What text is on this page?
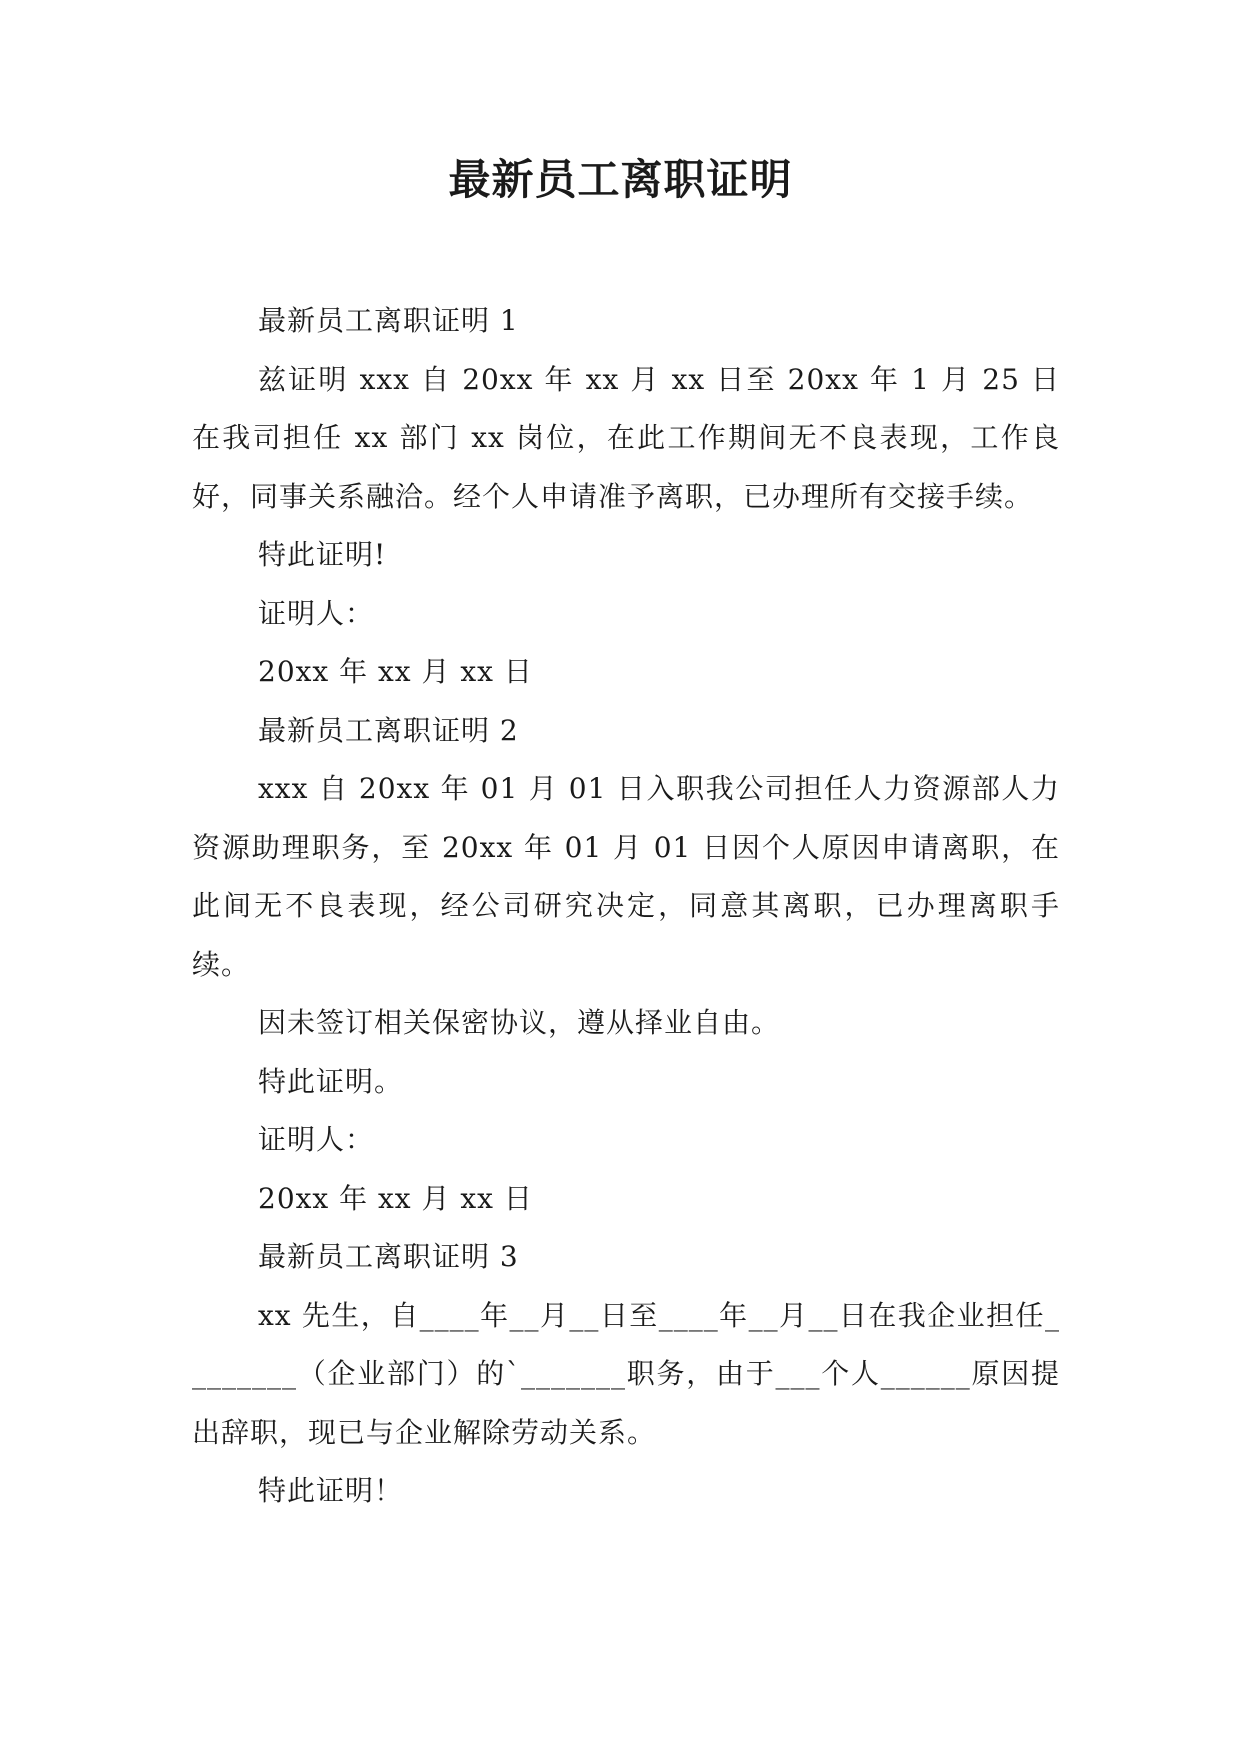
最新员工离职证明

最新员工离职证明 1

兹证明 xxx 自 20xx 年 xx 月 xx 日至 20xx 年 1 月 25 日在我司担任 xx 部门 xx 岗位，在此工作期间无不良表现，工作良好，同事关系融洽。经个人申请准予离职，已办理所有交接手续。

特此证明!

证明人：

20xx 年 xx 月 xx 日

最新员工离职证明 2

xxx 自 20xx 年 01 月 01 日入职我公司担任人力资源部人力资源助理职务，至 20xx 年 01 月 01 日因个人原因申请离职，在此间无不良表现，经公司研究决定，同意其离职，已办理离职手续。

因未签订相关保密协议，遵从择业自由。

特此证明。

证明人：

20xx 年 xx 月 xx 日

最新员工离职证明 3

xx 先生，自____年__月__日至____年__月__日在我企业担任________（企业部门）的`_______职务，由于___个人______原因提出辞职，现已与企业解除劳动关系。

特此证明！
